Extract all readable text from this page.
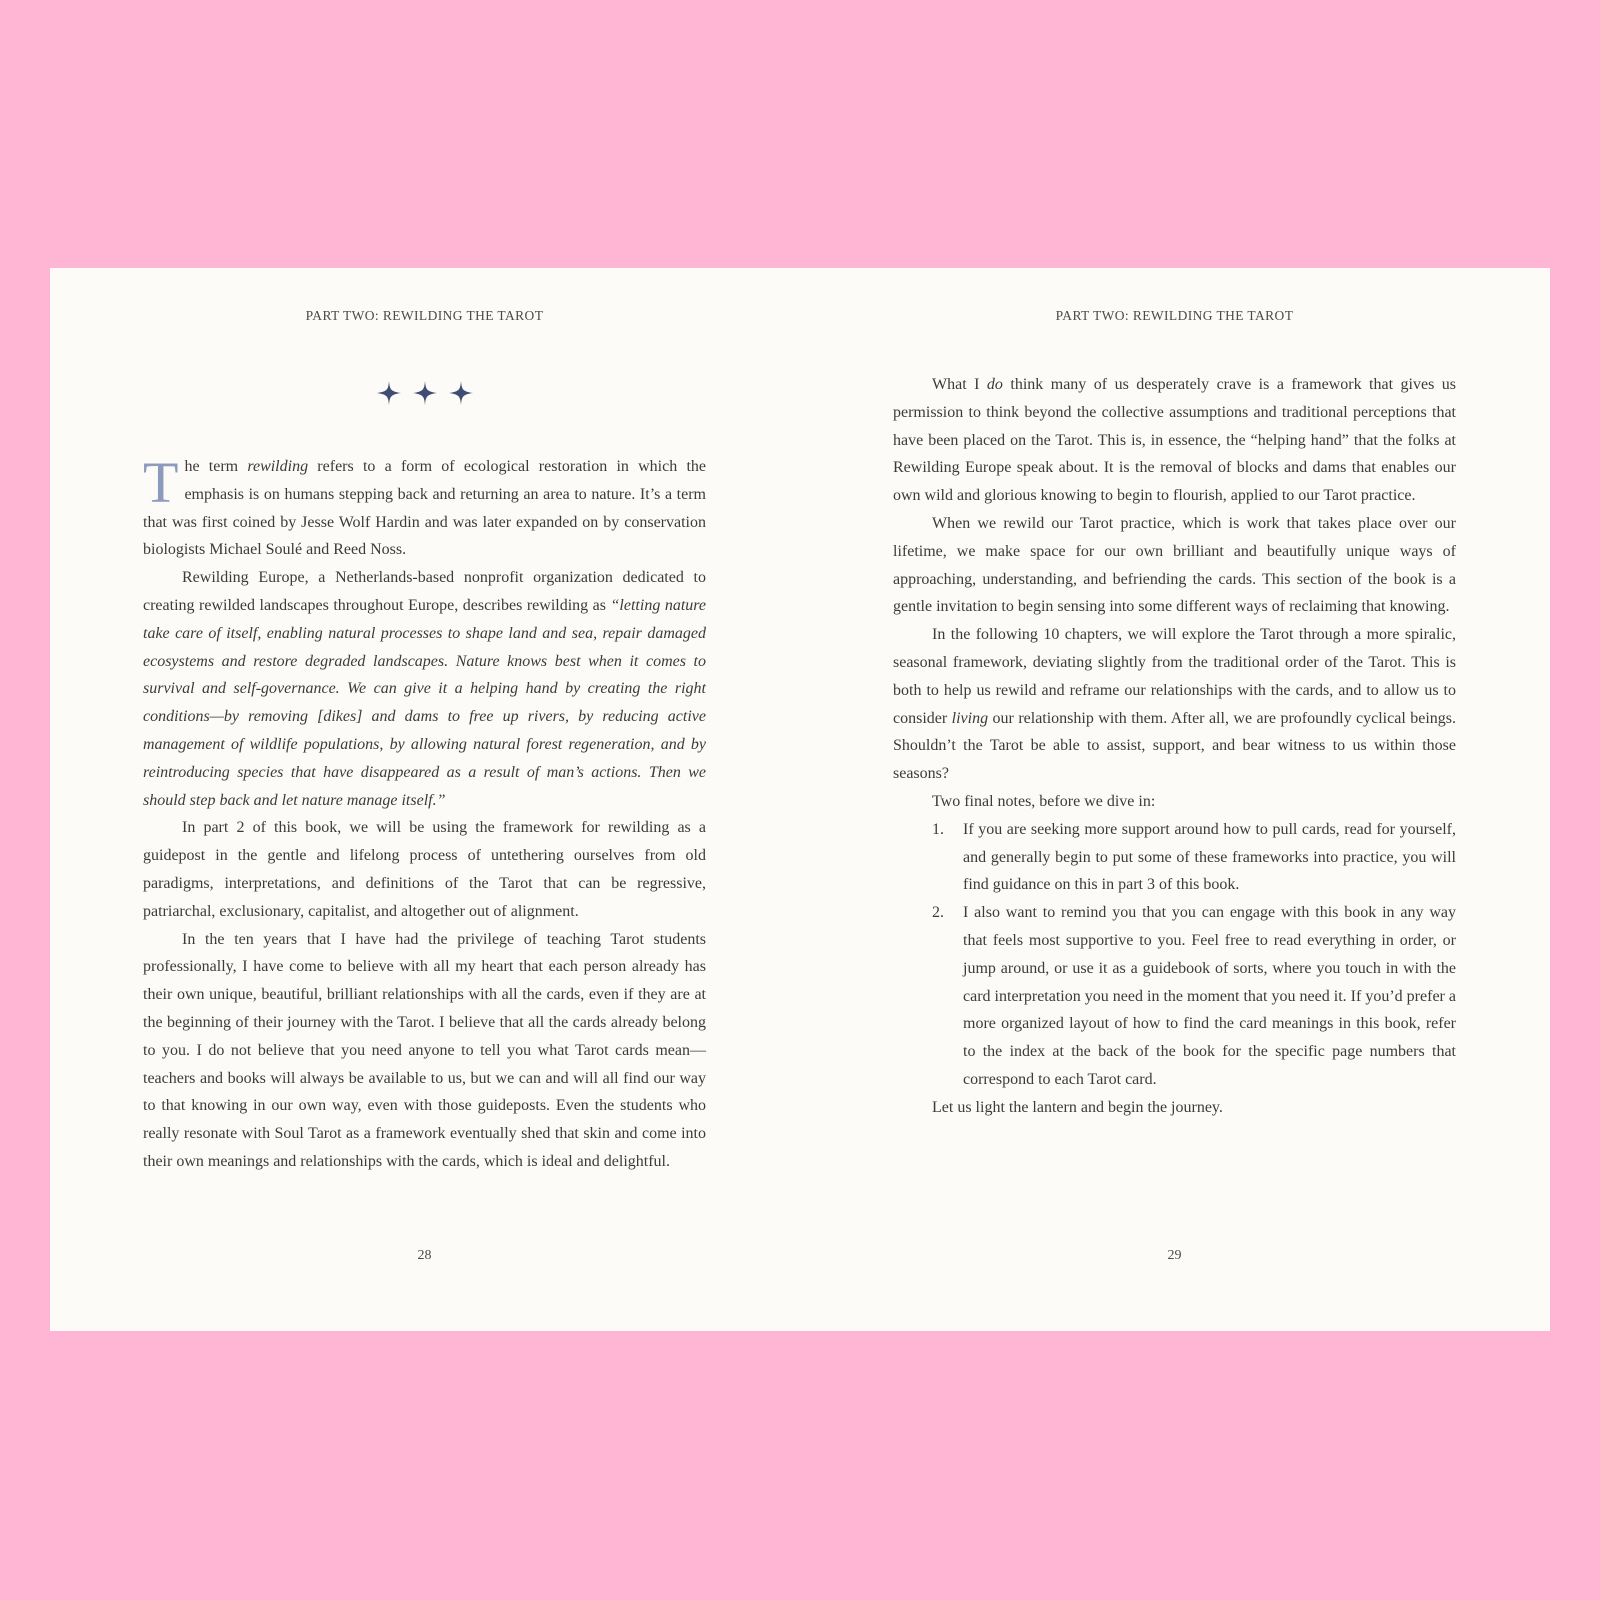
PART TWO: REWILDING THE TAROT

The term rewilding refers to a form of ecological restoration in which the emphasis is on humans stepping back and returning an area to nature. It’s a term that was first coined by Jesse Wolf Hardin and was later expanded on by conservation biologists Michael Soulé and Reed Noss.

Rewilding Europe, a Netherlands-based nonprofit organization dedicated to creating rewilded landscapes throughout Europe, describes rewilding as “letting nature take care of itself, enabling natural processes to shape land and sea, repair damaged ecosystems and restore degraded landscapes. Nature knows best when it comes to survival and self-governance. We can give it a helping hand by creating the right conditions—by removing [dikes] and dams to free up rivers, by reducing active management of wildlife populations, by allowing natural forest regeneration, and by reintroducing species that have disappeared as a result of man’s actions. Then we should step back and let nature manage itself.”

In part 2 of this book, we will be using the framework for rewilding as a guidepost in the gentle and lifelong process of untethering ourselves from old paradigms, interpretations, and definitions of the Tarot that can be regressive, patriarchal, exclusionary, capitalist, and altogether out of alignment.

In the ten years that I have had the privilege of teaching Tarot students professionally, I have come to believe with all my heart that each person already has their own unique, beautiful, brilliant relationships with all the cards, even if they are at the beginning of their journey with the Tarot. I believe that all the cards already belong to you. I do not believe that you need anyone to tell you what Tarot cards mean—teachers and books will always be available to us, but we can and will all find our way to that knowing in our own way, even with those guideposts. Even the students who really resonate with Soul Tarot as a framework eventually shed that skin and come into their own meanings and relationships with the cards, which is ideal and delightful.

28
PART TWO: REWILDING THE TAROT

What I do think many of us desperately crave is a framework that gives us permission to think beyond the collective assumptions and traditional perceptions that have been placed on the Tarot. This is, in essence, the “helping hand” that the folks at Rewilding Europe speak about. It is the removal of blocks and dams that enables our own wild and glorious knowing to begin to flourish, applied to our Tarot practice.

When we rewild our Tarot practice, which is work that takes place over our lifetime, we make space for our own brilliant and beautifully unique ways of approaching, understanding, and befriending the cards. This section of the book is a gentle invitation to begin sensing into some different ways of reclaiming that knowing.

In the following 10 chapters, we will explore the Tarot through a more spiralic, seasonal framework, deviating slightly from the traditional order of the Tarot. This is both to help us rewild and reframe our relationships with the cards, and to allow us to consider living our relationship with them. After all, we are profoundly cyclical beings. Shouldn’t the Tarot be able to assist, support, and bear witness to us within those seasons?

Two final notes, before we dive in:

1. If you are seeking more support around how to pull cards, read for yourself, and generally begin to put some of these frameworks into practice, you will find guidance on this in part 3 of this book.
2. I also want to remind you that you can engage with this book in any way that feels most supportive to you. Feel free to read everything in order, or jump around, or use it as a guidebook of sorts, where you touch in with the card interpretation you need in the moment that you need it. If you’d prefer a more organized layout of how to find the card meanings in this book, refer to the index at the back of the book for the specific page numbers that correspond to each Tarot card.

Let us light the lantern and begin the journey.

29
